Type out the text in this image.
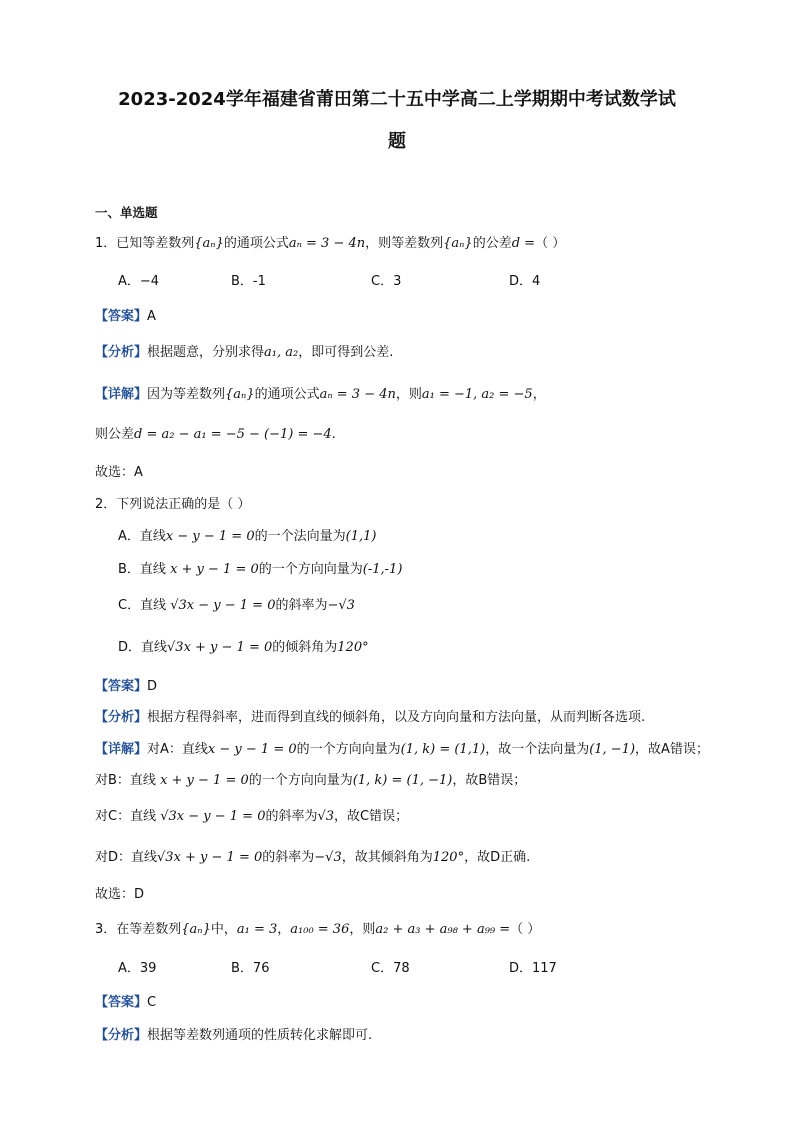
2023-2024学年福建省莆田第二十五中学高二上学期期中考试数学试
题
一、单选题
1．已知等差数列{aₙ}的通项公式aₙ = 3 − 4n，则等差数列{aₙ}的公差d =（ ）
A．−4	B．-1	C．3	D．4
【答案】A
【分析】根据题意，分别求得a₁, a₂，即可得到公差.
【详解】因为等差数列{aₙ}的通项公式aₙ = 3 − 4n，则a₁ = −1, a₂ = −5，
则公差d = a₂ − a₁ = −5 − (−1) = −4.
故选：A
2．下列说法正确的是（ ）
A．直线x − y − 1 = 0的一个法向量为(1,1)
B．直线 x + y − 1 = 0的一个方向向量为(-1,-1)
C．直线 √3x − y − 1 = 0的斜率为−√3
D．直线√3x + y − 1 = 0的倾斜角为120°
【答案】D
【分析】根据方程得斜率，进而得到直线的倾斜角，以及方向向量和方法向量，从而判断各选项.
【详解】对A：直线x − y − 1 = 0的一个方向向量为(1, k) = (1,1)，故一个法向量为(1, −1)，故A错误；
对B：直线 x + y − 1 = 0的一个方向向量为(1, k) = (1, −1)，故B错误；
对C：直线 √3x − y − 1 = 0的斜率为√3，故C错误；
对D：直线√3x + y − 1 = 0的斜率为−√3，故其倾斜角为120°，故D正确.
故选：D
3．在等差数列{aₙ}中，a₁ = 3，a₁₀₀ = 36，则a₂ + a₃ + a₉₈ + a₉₉ =（ ）
A．39	B．76	C．78	D．117
【答案】C
【分析】根据等差数列通项的性质转化求解即可.
